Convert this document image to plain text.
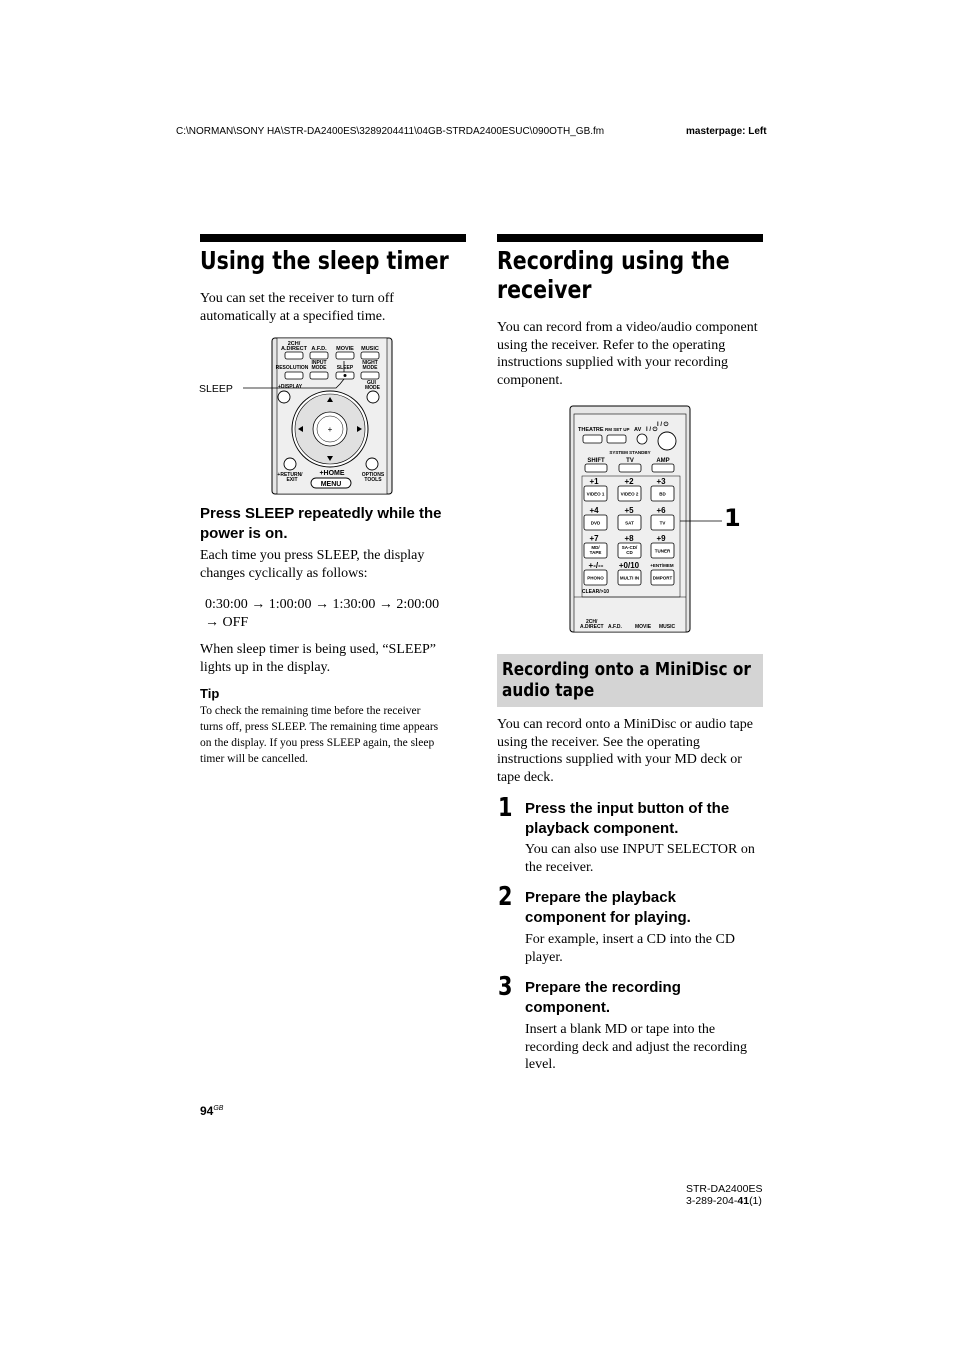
C:\NORMAN\SONY HA\STR-DA2400ES\3289204411\04GB-STRDA2400ESUC\090OTH_GB.fm	masterpage: Left
Using the sleep timer
You can set the receiver to turn off
automatically at a specified time.
SLEEP
2CH/
A.DIRECT A.F.D. MOVIE MUSIC
INPUT	NIGHT
RESOLUTION MODE SLEEP MODE
+DISPLAY
GUI
MODE
+
+RETURN/
EXIT
OPTIONS
TOOLS
+HOME
MENU
Press SLEEP repeatedly while the
power is on.
Each time you press SLEEP, the display
changes cyclically as follows:
0:30:00 → 1:00:00 → 1:30:00 → 2:00:00
→ OFF
When sleep timer is being used, “SLEEP”
lights up in the display.
Tip
To check the remaining time before the receiver
turns off, press SLEEP. The remaining time appears
on the display. If you press SLEEP again, the sleep
timer will be cancelled.
Recording using the
receiver
You can record from a video/audio component
using the receiver. Refer to the operating
instructions supplied with your recording
component.
THEATRE RM SET UP AV I / ⏻
I / ⏻
SYSTEM STANDBY
SHIFT	TV	AMP
+1	+2	+3
+4	+5	+6
+7	+8	+9
+-/-- +0/10 +ENT/MEM
VIDEO 1	VIDEO 2	BD
DVD	SAT	TV
MD/
TAPE
SA-CD/
CD	TUNER
PHONO	MULTI IN	DMPORT
CLEAR/>10
2CH/
A.DIRECT A.F.D.	MOVIE MUSIC
1
Recording onto a MiniDisc or
audio tape
You can record onto a MiniDisc or audio tape
using the receiver. See the operating
instructions supplied with your MD deck or
tape deck.
1 Press the input button of the
playback component.
You can also use INPUT SELECTOR on
the receiver.
2 Prepare the playback
component for playing.
For example, insert a CD into the CD
player.
3 Prepare the recording
component.
Insert a blank MD or tape into the
recording deck and adjust the recording
level.
$94^{GB}$
STR-DA2400ES
3-289-204-41(1)
